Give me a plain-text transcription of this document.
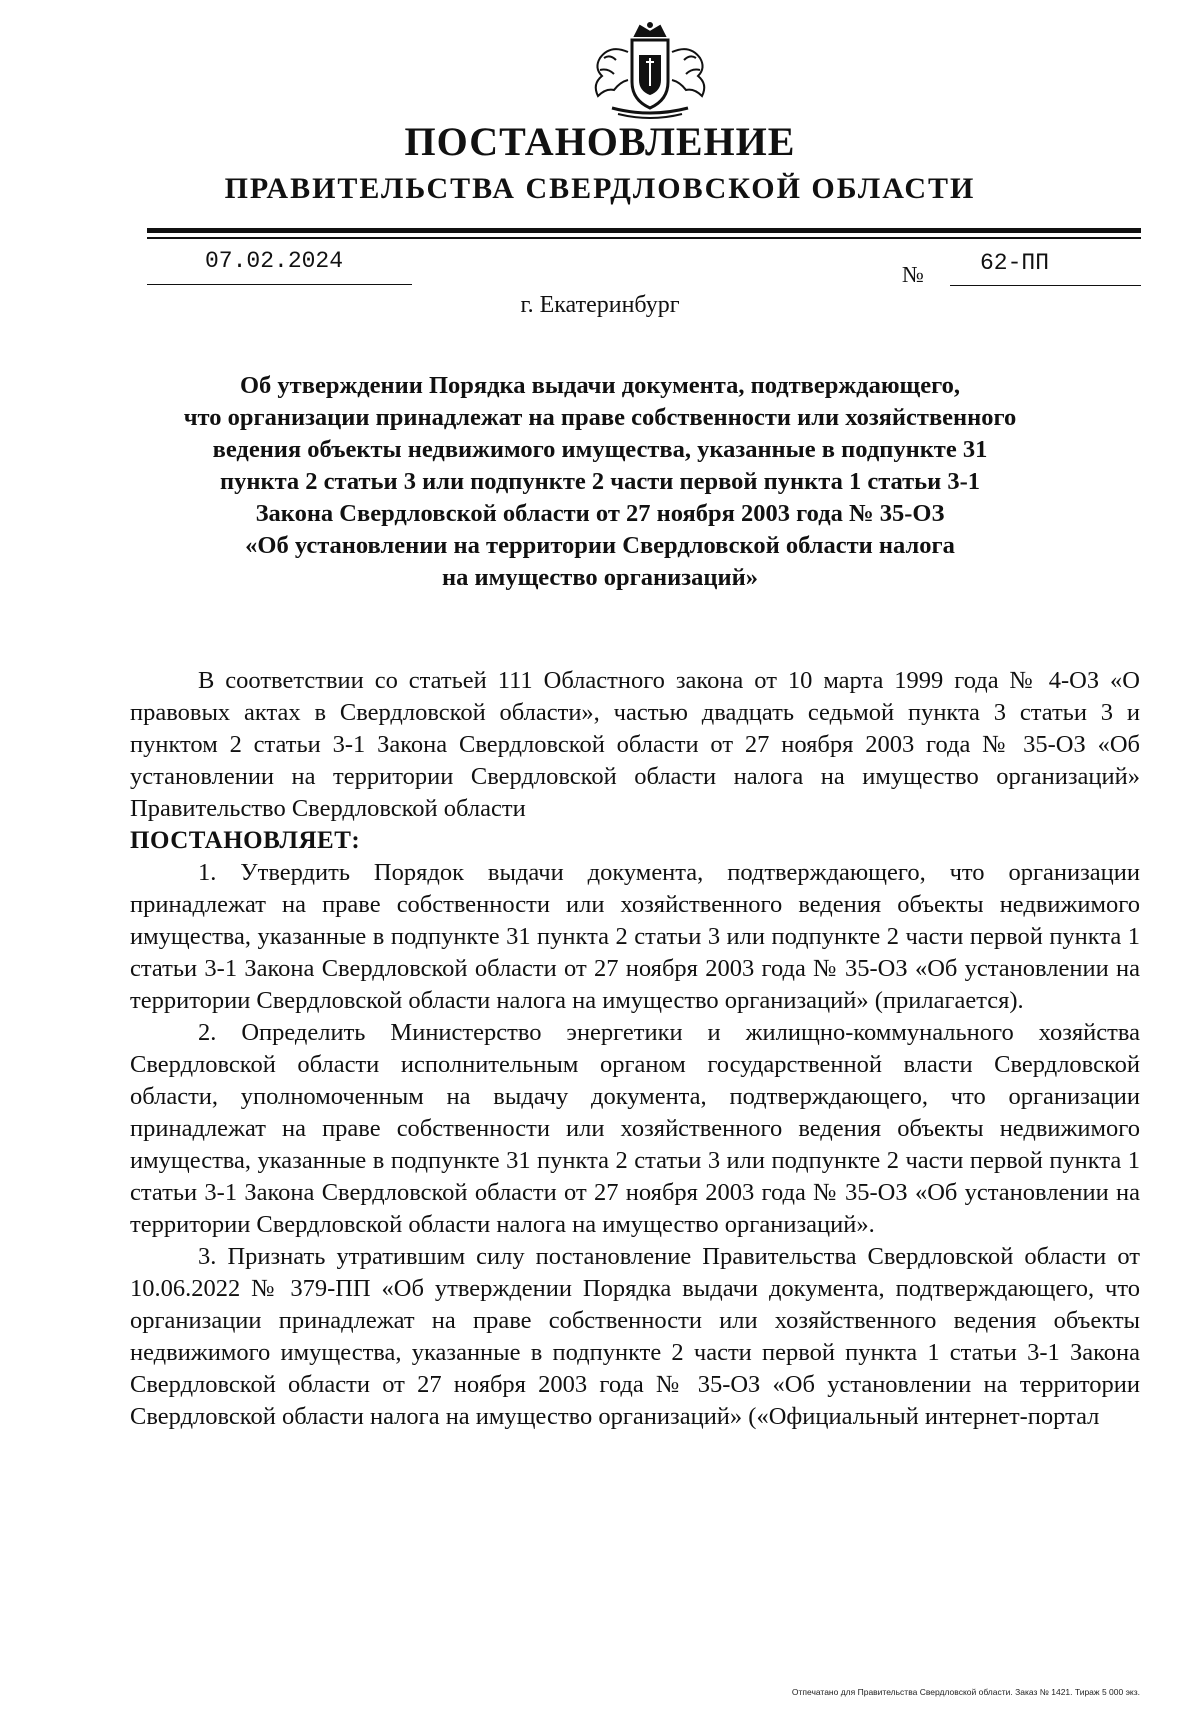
ПОСТАНОВЛЕНИЕ
ПРАВИТЕЛЬСТВА СВЕРДЛОВСКОЙ ОБЛАСТИ
07.02.2024
№ 62-ПП
г. Екатеринбург
Об утверждении Порядка выдачи документа, подтверждающего,
что организации принадлежат на праве собственности или хозяйственного
ведения объекты недвижимого имущества, указанные в подпункте 31
пункта 2 статьи 3 или подпункте 2 части первой пункта 1 статьи 3-1
Закона Свердловской области от 27 ноября 2003 года № 35-ОЗ
«Об установлении на территории Свердловской области налога
на имущество организаций»

В соответствии со статьей 111 Областного закона от 10 марта 1999 года № 4-ОЗ «О правовых актах в Свердловской области», частью двадцать седьмой пункта 3 статьи 3 и пунктом 2 статьи 3-1 Закона Свердловской области от 27 ноября 2003 года № 35-ОЗ «Об установлении на территории Свердловской области налога на имущество организаций» Правительство Свердловской области

ПОСТАНОВЛЯЕТ:

1. Утвердить Порядок выдачи документа, подтверждающего, что организации принадлежат на праве собственности или хозяйственного ведения объекты недвижимого имущества, указанные в подпункте 31 пункта 2 статьи 3 или подпункте 2 части первой пункта 1 статьи 3-1 Закона Свердловской области от 27 ноября 2003 года № 35-ОЗ «Об установлении на территории Свердловской области налога на имущество организаций» (прилагается).

2. Определить Министерство энергетики и жилищно-коммунального хозяйства Свердловской области исполнительным органом государственной власти Свердловской области, уполномоченным на выдачу документа, подтверждающего, что организации принадлежат на праве собственности или хозяйственного ведения объекты недвижимого имущества, указанные в подпункте 31 пункта 2 статьи 3 или подпункте 2 части первой пункта 1 статьи 3-1 Закона Свердловской области от 27 ноября 2003 года № 35-ОЗ «Об установлении на территории Свердловской области налога на имущество организаций».

3. Признать утратившим силу постановление Правительства Свердловской области от 10.06.2022 № 379-ПП «Об утверждении Порядка выдачи документа, подтверждающего, что организации принадлежат на праве собственности или хозяйственного ведения объекты недвижимого имущества, указанные в подпункте 2 части первой пункта 1 статьи 3-1 Закона Свердловской области от 27 ноября 2003 года № 35-ОЗ «Об установлении на территории Свердловской области налога на имущество организаций» («Официальный интернет-портал

Отпечатано для Правительства Свердловской области. Заказ № 1421. Тираж 5 000 экз.
